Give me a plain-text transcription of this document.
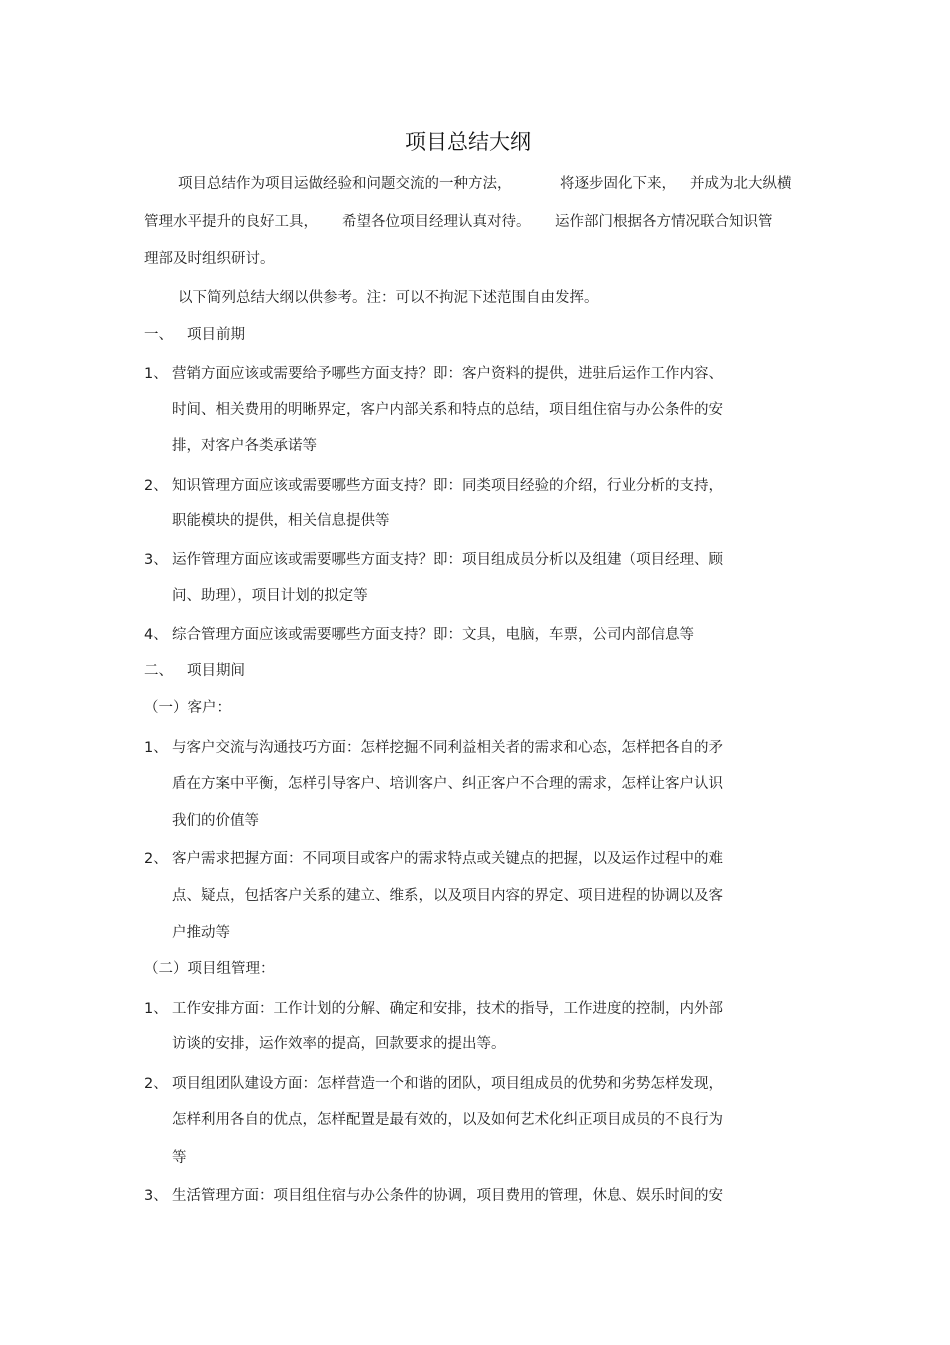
项目总结大纲
项目总结作为项目运做经验和问题交流的一种方法，	将逐步固化下来， 并成为北大纵横
管理水平提升的良好工具， 希望各位项目经理认真对待。 运作部门根据各方情况联合知识管
理部及时组织研讨。
以下简列总结大纲以供参考。注：可以不拘泥下述范围自由发挥。
一、 项目前期
1、 营销方面应该或需要给予哪些方面支持？即：客户资料的提供，进驻后运作工作内容、
时间、相关费用的明晰界定，客户内部关系和特点的总结，项目组住宿与办公条件的安
排，对客户各类承诺等
2、 知识管理方面应该或需要哪些方面支持？即：同类项目经验的介绍，行业分析的支持，
职能模块的提供，相关信息提供等
3、 运作管理方面应该或需要哪些方面支持？即：项目组成员分析以及组建（项目经理、顾
问、助理），项目计划的拟定等
4、 综合管理方面应该或需要哪些方面支持？即：文具，电脑，车票，公司内部信息等
二、 项目期间
（一）客户：
1、 与客户交流与沟通技巧方面：怎样挖掘不同利益相关者的需求和心态，怎样把各自的矛
盾在方案中平衡，怎样引导客户、培训客户、纠正客户不合理的需求，怎样让客户认识
我们的价值等
2、 客户需求把握方面：不同项目或客户的需求特点或关键点的把握，以及运作过程中的难
点、疑点，包括客户关系的建立、维系，以及项目内容的界定、项目进程的协调以及客
户推动等
（二）项目组管理：
1、 工作安排方面：工作计划的分解、确定和安排，技术的指导，工作进度的控制，内外部
访谈的安排，运作效率的提高，回款要求的提出等。
2、 项目组团队建设方面：怎样营造一个和谐的团队，项目组成员的优势和劣势怎样发现，
怎样利用各自的优点，怎样配置是最有效的，以及如何艺术化纠正项目成员的不良行为
等
3、 生活管理方面：项目组住宿与办公条件的协调，项目费用的管理，休息、娱乐时间的安
